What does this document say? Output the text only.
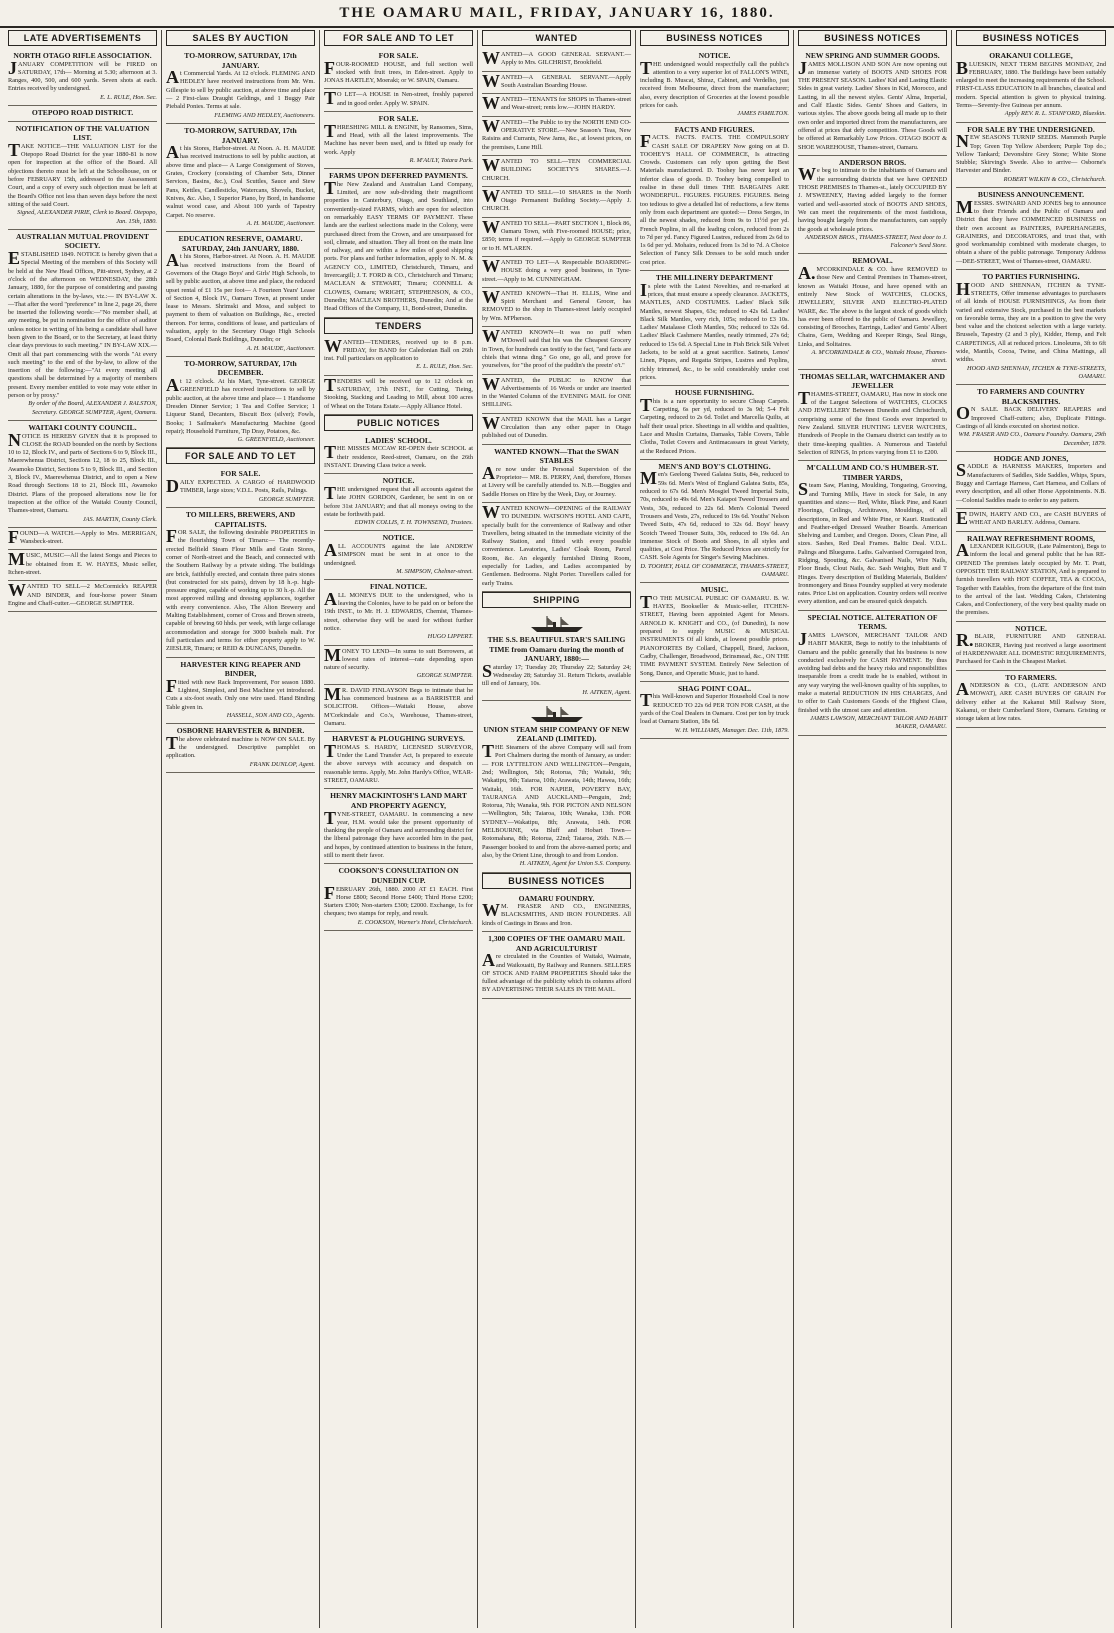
THE OAMARU MAIL, FRIDAY, JANUARY 16, 1880.
LATE ADVERTISEMENTS
NORTH OTAGO RIFLE ASSOCIATION.

JANUARY COMPETITION will be FIRED on SATURDAY, 17th— Morning at 5.30; afternoon at 3. Ranges, 400, 500, and 600 yards. Seven shots at each. Entries received by undersigned.

E. L. RULE, Hon. Sec.
OTEPOPO ROAD DISTRICT.
NOTIFICATION OF THE VALUATION LIST.

TAKE NOTICE—THE VALUATION LIST for the Otepopo Road District for the year 1880-81 is now open for inspection at the office of the Board. All objections thereto must be left at the Schoolhouse, on or before FEBRUARY 15th, addressed to the Assessment Court, and a copy of every such objection must be left at the Board's Office not less than seven days before the next sitting of the said Court.

Signed, ALEXANDER PIRIE, Clerk to Board. Otepopo, Jan. 15th, 1880.
AUSTRALIAN MUTUAL PROVIDENT SOCIETY.

ESTABLISHED 1849. NOTICE is hereby given that a Special Meeting of the members of this Society will be held at the New Head Offices, Pitt-street, Sydney, at 2 o'clock of the afternoon on WEDNESDAY, the 28th January, 1880, for the purpose of considering and passing certain alterations in the by-laws, viz.:— IN BY-LAW X.—That after the word "preference" in line 2, page 26, there be inserted the following words:—"No member shall, at any meeting, be put in nomination for the office of auditor unless notice in writing of his being a candidate shall have been given to the Board, or to the Secretary, at least thirty clear days previous to such meeting." IN BY-LAW XIX.—Omit all that part commencing with the words "At every such meeting" to the end of the by-law, to allow of the insertion of the following:—"At every meeting all questions shall be determined by a majority of members present. Every member entitled to vote may vote either in person or by proxy."

By order of the Board, ALEXANDER J. RALSTON, Secretary. GEORGE SUMPTER, Agent, Oamaru.
WAITAKI COUNTY COUNCIL.

NOTICE IS HEREBY GIVEN that it is proposed to CLOSE the ROAD bounded on the north by Sections 10 to 12, Block IV., and parts of Sections 6 to 9, Block III., Maerewhenua District, Sections 12, 18 to 25, Block III., Awamoko District, Sections 5 to 9, Block III., and Section 3, Block IV., Maerewhenua District, and to open a New Road through Sections 18 to 21, Block III., Awamoko District. Plans of the proposed alterations now lie for inspection at the office of the Waitaki County Council, Thames-street, Oamaru.

JAS. MARTIN, County Clerk.

FOUND—A WATCH.—Apply to Mrs. MERRIGAN, Wansbeck-street.

MUSIC, MUSIC—All the latest Songs and Pieces to be obtained from E. W. HAYES, Music seller, Itchen-street.

WANTED TO SELL—2 McCormick's REAPER AND BINDER, and four-horse power Steam Engine and Chaff-cutter.—GEORGE SUMPTER.

SALES BY AUCTION
TO-MORROW, SATURDAY, 17th JANUARY.

At Commercial Yards. At 12 o'clock. FLEMING AND HEDLEY have received instructions from Mr. Wm. Gillespie to sell by public auction, at above time and place— 2 First-class Draught Geldings, and 1 Buggy Pair Piebald Ponies. Terms at sale.

FLEMING AND HEDLEY, Auctioneers.
TO-MORROW, SATURDAY, 17th JANUARY.

At his Stores, Harbor-street. At Noon. A. H. MAUDE has received instructions to sell by public auction, at above time and place— A Large Consignment of Stoves, Grates, Crockery (consisting of Chamber Sets, Dinner Services, Basins, &c.), Coal Scuttles, Sauce and Stew Pans, Kettles, Candlesticks, Watercans, Shovels, Bucket, Knives, &c. Also, 1 Superior Piano, by Bord, in handsome walnut wood case, and About 100 yards of Tapestry Carpet. No reserve.

A. H. MAUDE, Auctioneer.
EDUCATION RESERVE, OAMARU. SATURDAY, 24th JANUARY, 1880.

At his Stores, Harbor-street. At Noon. A. H. MAUDE has received instructions from the Board of Governors of the Otago Boys' and Girls' High Schools, to sell by public auction, at above time and place, the reduced upset rental of £1 15s per foot— A Fourteen Years' Lease of Section 4, Block IV., Oamaru Town, at present under lease to Messrs. Shrimski and Moss, and subject to payment to them of valuation on Buildings, &c., erected thereon. For terms, conditions of lease, and particulars of valuation, apply to the Secretary Otago High Schools Board, Colonial Bank Buildings, Dunedin; or

A. H. MAUDE, Auctioneer.
TO-MORROW, SATURDAY, 17th DECEMBER.

At 12 o'clock. At his Mart, Tyne-street. GEORGE GREENFIELD has received instructions to sell by public auction, at the above time and place— 1 Handsome Dresden Dinner Service; 1 Tea and Coffee Service; 1 Liqueur Stand, Decanters, Biscuit Box (silver); Fowls, Books; 1 Sailmaker's Manufacturing Machine (good repair); Household Furniture, Tip Dray, Potatoes, &c.

G. GREENFIELD, Auctioneer.
FOR SALE AND TO LET
FOR SALE.

DAILY EXPECTED. A CARGO of HARDWOOD TIMBER, large sizes; V.D.L. Posts, Rails, Palings.

GEORGE SUMPTER.
TO MILLERS, BREWERS, AND CAPITALISTS.

FOR SALE, the following desirable PROPERTIES in the flourishing Town of Timaru:— The recently-erected Belfield Steam Flour Mills and Grain Stores, corner of North-street and the Beach, and connected with the Southern Railway by a private siding. The buildings are brick, faithfully erected, and contain three pairs stones (but constructed for six pairs), driven by 18 h.-p. high-pressure engine, capable of working up to 30 h.-p. All the most approved milling and dressing appliances, together with every convenience. Also, The Alton Brewery and Malting Establishment, corner of Cross and Brown streets, capable of brewing 60 hhds. per week, with large cellarage accommodation and storage for 3000 bushels malt. For full particulars and terms for either property apply to W. ZIESLER, Timaru; or REID & DUNCANS, Dunedin.

HARVESTER KING REAPER AND BINDER,

Fitted with new Rack Improvement, For season 1880. Lightest, Simplest, and Best Machine yet introduced. Cuts a six-foot swath. Only one wire used. Hand Binding Table given in.

HASSELL, SON AND CO., Agents.
OSBORNE HARVESTER & BINDER.

The above celebrated machine is NOW ON SALE. By the undersigned. Descriptive pamphlet on application.

FRANK DUNLOP, Agent.
FOR SALE AND TO LET
FOR SALE.

FOUR-ROOMED HOUSE, and full section well stocked with fruit trees, in Eden-street. Apply to JONAS HARTLEY, Moeraki; or W. SPAIN, Oamaru.

TO LET—A HOUSE in Nen-street, freshly papered and in good order. Apply W. SPAIN.

FOR SALE.

THRESHING MILL & ENGINE, by Ransomes, Sims, and Head, with all the latest improvements. The Machine has never been used, and is fitted up ready for work. Apply

R. M'AULY, Totara Park.
FARMS UPON DEFERRED PAYMENTS.

The New Zealand and Australian Land Company, Limited, are now sub-dividing their magnificent properties in Canterbury, Otago, and Southland, into conveniently-sized FARMS, which are open for selection on remarkably EASY TERMS OF PAYMENT. These lands are the earliest selections made in the Colony, were purchased direct from the Crown, and are unsurpassed for soil, climate, and situation. They all front on the main line of railway, and are within a few miles of good shipping ports. For plans and further information, apply to N. M. & AGENCY CO., LIMITED, Christchurch, Timaru, and Invercargill; J. T. FORD & CO., Christchurch and Timaru; MACLEAN & STEWART, Timaru; CONNELL & CLOWES, Oamaru; WRIGHT, STEPHENSON, & CO., Dunedin; MACLEAN BROTHERS, Dunedin; And at the Head Offices of the Company, 11, Bond-street, Dunedin.

TENDERS

WANTED—TENDERS, received up to 8 p.m. FRIDAY, for BAND for Caledonian Ball on 26th inst. Full particulars on application to

E. L. RULE, Hon. Sec.

TENDERS will be received up to 12 o'clock on SATURDAY, 17th INST., for Cutting, Tieing, Stooking, Stacking and Leading to Mill, about 100 acres of Wheat on the Totara Estate.—Apply Alliance Hotel.

PUBLIC NOTICES
LADIES' SCHOOL.

THE MISSES MCCAW RE-OPEN their SCHOOL at their residence, Reed-street, Oamaru, on the 26th INSTANT. Drawing Class twice a week.

NOTICE.

THE undersigned request that all accounts against the late JOHN GORDON, Gardener, be sent in on or before 31st JANUARY; and that all moneys owing to the estate be forthwith paid.

EDWIN COLLIS, T. H. TOWNSEND, Trustees.
NOTICE.

ALL ACCOUNTS against the late ANDREW SIMPSON must be sent in at once to the undersigned.

M. SIMPSON, Chelmer-street.
FINAL NOTICE.

ALL MONEYS DUE to the undersigned, who is leaving the Colonies, have to be paid on or before the 19th INST., to Mr. H. J. EDWARDS, Chemist, Thames-street, otherwise they will be sued for without further notice.

HUGO LIPPERT.

MONEY TO LEND—In sums to suit Borrowers, at lowest rates of interest—rate depending upon nature of security.

GEORGE SUMPTER.

MR. DAVID FINLAYSON Begs to intimate that he has commenced business as a BARRISTER and SOLICITOR. Offices—Waitaki House, above M'Corkindale and Co.'s, Warehouse, Thames-street, Oamaru.

HARVEST & PLOUGHING SURVEYS.

THOMAS S. HARDY, LICENSED SURVEYOR, Under the Land Transfer Act, Is prepared to execute the above surveys with accuracy and despatch on reasonable terms. Apply, Mr. John Hardy's Office, WEAR-STREET, OAMARU.

HENRY MACKINTOSH'S LAND MART AND PROPERTY AGENCY,

TYNE-STREET, OAMARU. In commencing a new year, H.M. would take the present opportunity of thanking the people of Oamaru and surrounding district for the liberal patronage they have accorded him in the past, and hopes, by continued attention to business in the future, still to merit their favor.

COOKSON'S CONSULTATION ON DUNEDIN CUP.

FEBRUARY 26th, 1880. 2000 AT £1 EACH. First Horse £800; Second Horse £400; Third Horse £200; Starters £300; Non-starters £300; £2000. Exchange, 1s for cheques; two stamps for reply, and result.

E. COOKSON, Warner's Hotel, Christchurch.
WANTED

WANTED—A GOOD GENERAL SERVANT.—Apply to Mrs. GILCHRIST, Brookfield.

WANTED—A GENERAL SERVANT.—Apply South Australian Boarding House.

WANTED—TENANTS for SHOPS in Thames-street and Wear-street; rents low.—JOHN HARDY.

WANTED—The Public to try the NORTH END CO-OPERATIVE STORE.—New Season's Teas, New Raisins and Currants, New Jams, &c., at lowest prices, on the premises, Lune Hill.

WANTED TO SELL—TEN COMMERCIAL BUILDING SOCIETY'S SHARES.—J. CHURCH.

WANTED TO SELL—10 SHARES in the North Otago Permanent Building Society.—Apply J. CHURCH.

WANTED TO SELL—PART SECTION 1, Block 86, Oamaru Town, with Five-roomed HOUSE; price, £850; terms if required.—Apply to GEORGE SUMPTER or to H. M'LAREN.

WANTED TO LET—A Respectable BOARDING-HOUSE doing a very good business, in Tyne-street.—Apply to M. CUNNINGHAM.

WANTED KNOWN—That H. ELLIS, Wine and Spirit Merchant and General Grocer, has REMOVED to the shop in Thames-street lately occupied by Wm. M'Pherson.

WANTED KNOWN—It was no puff when M'Dowell said that his was the Cheapest Grocery in Town, for hundreds can testify to the fact, "and facts are chiels that winna ding." Go one, go all, and prove for yourselves, for "the proof of the puddin's the preein' o't."

WANTED, the PUBLIC to KNOW that Advertisements of 16 Words or under are inserted in the Wanted Column of the EVENING MAIL for ONE SHILLING.

WANTED KNOWN that the MAIL has a Larger Circulation than any other paper in Otago published out of Dunedin.

WANTED KNOWN—That the SWAN STABLES

Are now under the Personal Supervision of the Proprietor— MR. B. PERRY, And, therefore, Horses at Livery will be carefully attended to. N.B.—Buggies and Saddle Horses on Hire by the Week, Day, or Journey.

WANTED KNOWN—OPENING of the RAILWAY TO DUNEDIN. WATSON'S HOTEL AND CAFE, specially built for the convenience of Railway and other Travellers, being situated in the immediate vicinity of the Railway Station, and fitted with every possible convenience. Lavatories, Ladies' Cloak Room, Parcel Room, &c. An elegantly furnished Dining Room, especially for Ladies, and Ladies accompanied by Gentlemen. Bedrooms. Night Porter. Travellers called for early Trains.

SHIPPING
THE S.S. BEAUTIFUL STAR'S SAILING TIME from Oamaru during the month of JANUARY, 1880:—

Saturday 17; Tuesday 20; Thursday 22; Saturday 24; Wednesday 28; Saturday 31. Return Tickets, available till end of January, 10s.

H. AITKEN, Agent.
UNION STEAM SHIP COMPANY OF NEW ZEALAND (LIMITED).

THE Steamers of the above Company will sail from Port Chalmers during the month of January, as under:— FOR LYTTELTON AND WELLINGTON—Penguin, 2nd; Wellington, 5th; Rotorua, 7th; Waitaki, 9th; Wakatipu, 9th; Taiaroa, 10th; Arawata, 14th; Hawea, 16th; Waitaki, 16th. FOR NAPIER, POVERTY BAY, TAURANGA AND AUCKLAND—Penguin, 2nd; Rotorua, 7th; Wanaka, 9th. FOR PICTON AND NELSON—Wellington, 5th; Taiaroa, 10th; Wanaka, 13th. FOR SYDNEY—Wakatipu, 8th; Arawata, 14th. FOR MELBOURNE, via Bluff and Hobart Town—Rotomahana, 8th; Rotorua, 22nd; Taiaroa, 26th. N.B.—Passenger booked to and from the above-named ports; and also, by the Orient Line, through to and from London.

H. AITKEN, Agent for Union S.S. Company.
BUSINESS NOTICES
OAMARU FOUNDRY.

WM. FRASER AND CO., ENGINEERS, BLACKSMITHS, AND IRON FOUNDERS. All kinds of Castings in Brass and Iron.

1,300 COPIES OF THE OAMARU MAIL AND AGRICULTURIST

Are circulated in the Counties of Waitaki, Waimate, and Waikouaiti, By Railway and Runners. SELLERS OF STOCK AND FARM PROPERTIES Should take the fullest advantage of the publicity which its columns afford BY ADVERTISING THEIR SALES IN THE MAIL.

BUSINESS NOTICES
NOTICE.

THE undersigned would respectfully call the public's attention to a very superior lot of FALLON'S WINE, including B. Muscat, Shiraz, Cabinet, and Verdelho, just received from Melbourne, direct from the manufacturer; also, every description of Groceries at the lowest possible prices for cash.

JAMES FAMILTON.
FACTS AND FIGURES.

FACTS. FACTS. FACTS. THE COMPULSORY CASH SALE OF DRAPERY Now going on at D. TOOHEY'S HALL OF COMMERCE, Is attracting Crowds. Customers can rely upon getting the Best Materials manufactured. D. Toohey has never kept an inferior class of goods. D. Toohey being compelled to realise in these dull times THE BARGAINS ARE WONDERFUL. FIGURES. FIGURES. FIGURES. Being too tedious to give a detailed list of reductions, a few items only from each department are quoted:— Dress Serges, in all the newest shades, reduced from 9s to 11½d per yd. French Poplins, in all the leading colors, reduced from 2s to 7d per yd. Fancy Figured Lustres, reduced from 2s 6d to 1s 6d per yd. Mohairs, reduced from 1s 3d to 7d. A Choice Selection of Fancy Silk Dresses to be sold much under cost price.

THE MILLINERY DEPARTMENT

Is plete with the Latest Novelties, and re-marked at prices, that must ensure a speedy clearance. JACKETS, MANTLES, AND COSTUMES. Ladies' Black Silk Mantles, newest Shapes, 63s; reduced to 42s 6d. Ladies' Black Silk Mantles, very rich, 105s; reduced to £3 10s. Ladies' Matalasse Cloth Mantles, 50s; reduced to 32s 6d. Ladies' Black Cashmere Mantles, neatly trimmed, 27s 6d; reduced to 15s 6d. A Special Line in Fish Brick Silk Velvet Jackets, to be sold at a great sacrifice. Satinets, Lenos' Linen, Piques, and Regatta Stripes, Lustres and Poplins, richly trimmed, &c., to be sold considerably under cost prices.

HOUSE FURNISHING.

This is a rare opportunity to secure Cheap Carpets. Carpeting, 6s per yd, reduced to 3s 9d; 5-4 Felt Carpeting, reduced to 2s 6d. Toilet and Marcella Quilts, at half their usual price. Sheetings in all widths and qualities, Lace and Muslin Curtains, Damasks, Table Covers, Table Cloths, Toilet Covers and Antimacassars in great Variety, at the Reduced Prices.

MEN'S AND BOY'S CLOTHING.

Men's Geelong Tweed Galatea Suits, 84s, reduced to 59s 6d. Men's West of England Galatea Suits, 85s, reduced to 67s 6d. Men's Mosgiel Tweed Imperial Suits, 70s, reduced to 49s 6d. Men's Kaiapoi Tweed Trousers and Vests, 30s, reduced to 22s 6d. Men's Colonial Tweed Trousers and Vests, 27s, reduced to 19s 6d. Youths' Nelson Tweed Suits, 47s 6d, reduced to 32s 6d. Boys' heavy Scotch Tweed Trouser Suits, 30s, reduced to 19s 6d. An immense Stock of Boots and Shoes, in all styles and qualities, at Cost Price. The Reduced Prices are strictly for CASH. Sole Agents for Singer's Sewing Machines.

D. TOOHEY, HALL OF COMMERCE, THAMES-STREET, OAMARU.
MUSIC.

TO THE MUSICAL PUBLIC OF OAMARU. B. W. HAYES, Bookseller & Music-seller, ITCHEN-STREET, Having been appointed Agent for Messrs. ARNOLD K. KNIGHT and CO., (of Dunedin), Is now prepared to supply MUSIC & MUSICAL INSTRUMENTS Of all kinds, at lowest possible prices. PIANOFORTES By Collard, Chappell, Brard, Jackson, Cadby, Challenger, Broadwood, Brinsmead, &c., ON THE TIME PAYMENT SYSTEM. Entirely New Selection of Song, Dance, and Operatic Music, just to hand.

SHAG POINT COAL.

This Well-known and Superior Household Coal is now REDUCED TO 22s 6d PER TON FOR CASH, at the yards of the Coal Dealers in Oamaru. Cost per ton by truck load at Oamaru Station, 18s 6d.

W. H. WILLIAMS, Manager. Dec. 11th, 1879.
BUSINESS NOTICES
NEW SPRING AND SUMMER GOODS.

JAMES MOLLISON AND SON Are now opening out an immense variety of BOOTS AND SHOES FOR THE PRESENT SEASON. Ladies' Kid and Lasting Elastic Sides in great variety. Ladies' Shoes in Kid, Morocco, and Lasting, in all the newest styles. Gents' Alma, Imperial, and Calf Elastic Sides. Gents' Shoes and Gaiters, in various styles. The above goods being all made up to their own order and imported direct from the manufacturers, are offered at prices that defy competition. These Goods will be offered at Remarkably Low Prices. OTAGO BOOT & SHOE WAREHOUSE, Thames-street, Oamaru.

ANDERSON BROS.

We beg to intimate to the inhabitants of Oamaru and the surrounding districts that we have OPENED THOSE PREMISES In Thames-st., lately OCCUPIED BY J. M'SWEENEY, Having added largely to the former varied and well-assorted stock of BOOTS AND SHOES, We can meet the requirements of the most fastidious, having bought largely from the manufacturers, can supply the goods at wholesale prices.

ANDERSON BROS., THAMES-STREET, Next door to J. Falconer's Seed Store.
REMOVAL.

A.M'CORKINDALE & CO. have REMOVED to those New and Central Premises in Thames-street, known as Waitaki House, and have opened with an entirely New Stock of WATCHES, CLOCKS, JEWELLERY, SILVER AND ELECTRO-PLATED WARE, &c. The above is the largest stock of goods which has ever been offered to the public of Oamaru. Jewellery, consisting of Brooches, Earrings, Ladies' and Gents' Albert Chains, Gem, Wedding and Keeper Rings, Seal Rings, Links, and Solitaires.

A. M'CORKINDALE & CO., Waitaki House, Thames-street.
THOMAS SELLAR, WATCHMAKER AND JEWELLER

THAMES-STREET, OAMARU, Has now in stock one of the Largest Selections of WATCHES, CLOCKS AND JEWELLERY Between Dunedin and Christchurch, comprising some of the finest Goods ever imported to New Zealand. SILVER HUNTING LEVER WATCHES, Hundreds of People in the Oamaru district can testify as to their time-keeping qualities. A Numerous and Tasteful Selection of RINGS, In prices varying from £1 to £200.

M'CALLUM AND CO.'S HUMBER-ST. TIMBER YARDS,

Steam Saw, Planing, Moulding, Tongueing, Grooving, and Turning Mills, Have in stock for Sale, in any quantities and sizes:— Red, White, Black Pine, and Kauri Floorings, Ceilings, Architraves, Mouldings, of all descriptions, in Red and White Pine, or Kauri. Rusticated and Feather-edged Dressed Weather Boards. American Shelving and Lumber, and Oregon. Doors, Clean Pine, all sizes. Sashes, Red Deal Frames. Baltic Deal. V.D.L. Palings and Bluegums. Laths. Galvanised Corrugated Iron, Ridging, Spouting, &c. Galvanised Nails, Wire Nails, Floor Brads, Clout Nails, &c. Sash Weights, Butt and T Hinges. Every description of Building Materials, Builders' Ironmongery and Brass Foundry supplied at very moderate rates. Price List on application. Country orders will receive every attention, and can be ensured quick despatch.

SPECIAL NOTICE. ALTERATION OF TERMS.

JAMES LAWSON, MERCHANT TAILOR AND HABIT MAKER, Begs to notify to the inhabitants of Oamaru and the public generally that his business is now conducted exclusively for CASH PAYMENT. By thus avoiding bad debts and the heavy risks and responsibilities inseparable from a credit trade he is enabled, without in any way varying the well-known quality of his supplies, to make a material REDUCTION IN HIS CHARGES, And to offer to Cash Customers Goods of the Highest Class, finished with the utmost care and attention.

JAMES LAWSON, MERCHANT TAILOR AND HABIT MAKER, OAMARU.
BUSINESS NOTICES
ORAKANUI COLLEGE,

BLUESKIN, NEXT TERM BEGINS MONDAY, 2nd FEBRUARY, 1880. The Buildings have been suitably enlarged to meet the increasing requirements of the School. FIRST-CLASS EDUCATION In all branches, classical and modern. Special attention is given to physical training. Terms—Seventy-five Guineas per annum.

Apply REV. R. L. STANFORD, Blueskin.
FOR SALE BY THE UNDERSIGNED.

NEW SEASONS TURNIP SEEDS. Mammoth Purple Top; Green Top Yellow Aberdeen; Purple Top do.; Yellow Tankard; Devonshire Grey Stone; White Stone Stubble; Skirving's Swede. Also to arrive— Osborne's Harvester and Binder.

ROBERT WILKIN & CO., Christchurch.
BUSINESS ANNOUNCEMENT.

MESSRS. SWINARD AND JONES beg to announce to their Friends and the Public of Oamaru and District that they have COMMENCED BUSINESS on their own account as PAINTERS, PAPERHANGERS, GRAINERS, and DECORATORS, and trust that, with good workmanship combined with moderate charges, to obtain a share of the public patronage. Temporary Address—DEE-STREET, West of Thames-street, OAMARU.

TO PARTIES FURNISHING.

HOOD AND SHENNAN, ITCHEN & TYNE-STREETS, Offer immense advantages to purchasers of all kinds of HOUSE FURNISHINGS, As from their varied and extensive Stock, purchased in the best markets on favorable terms, they are in a position to give the very best value and the choicest selection with a large variety. Brussels, Tapestry (2 and 3 ply), Kidder, Hemp, and Felt CARPETINGS, All at reduced prices. Linoleums, 3ft to 6ft wide, Mantils, Cocoa, Twine, and China Mattings, all widths.

HOOD AND SHENNAN, ITCHEN & TYNE-STREETS, OAMARU.
TO FARMERS AND COUNTRY BLACKSMITHS.

ON SALE. BACK DELIVERY REAPERS and Improved Chaff-cutters; also, Duplicate Fittings. Castings of all kinds executed on shortest notice.

WM. FRASER AND CO., Oamaru Foundry. Oamaru, 29th December, 1879.
HODGE AND JONES,

SADDLE & HARNESS MAKERS, Importers and Manufacturers of Saddles, Side Saddles, Whips, Spurs, Buggy and Carriage Harness, Cart Harness, and Collars of every description, and all other Horse Appointments. N.B.—Colonial Saddles made to order to any pattern.

EDWIN, HARTY AND CO., are CASH BUYERS of WHEAT AND BARLEY. Address, Oamaru.

RAILWAY REFRESHMENT ROOMS,

ALEXANDER KILGOUR, (Late Palmerston), Begs to inform the local and general public that he has RE-OPENED The premises lately occupied by Mr. T. Pratt, OPPOSITE THE RAILWAY STATION, And is prepared to furnish travellers with HOT COFFEE, TEA & COCOA, Together with Eatables, from the departure of the first train to the arrival of the last. Wedding Cakes, Christening Cakes, and Confectionery, of the very best quality made on the premises.

NOTICE.

R.BLAIR, FURNITURE AND GENERAL BROKER, Having just received a large assortment of HARDENWARE ALL DOMESTIC REQUIREMENTS, Purchased for Cash in the Cheapest Market.

TO FARMERS.

ANDERSON & CO., (LATE ANDERSON AND MOWAT), ARE CASH BUYERS OF GRAIN For delivery either at the Kakanui Mill Railway Store, Kakanui, or their Cumberland Store, Oamaru. Gristing or storage taken at low rates.
